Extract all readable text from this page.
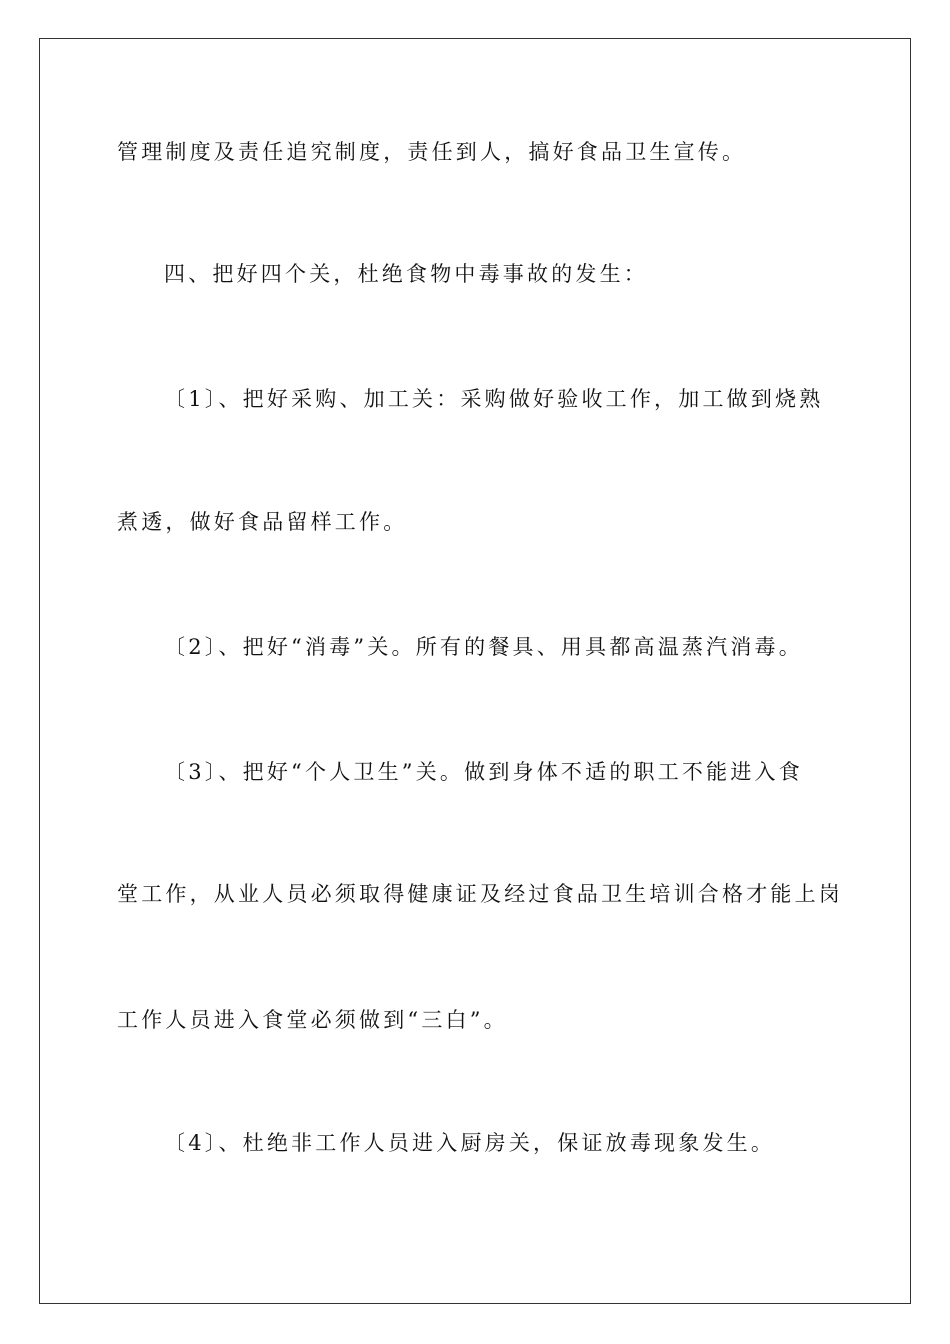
管理制度及责任追究制度，责任到人，搞好食品卫生宣传。
四、把好四个关，杜绝食物中毒事故的发生：
〔1〕、把好采购、加工关：采购做好验收工作，加工做到烧熟
煮透，做好食品留样工作。
〔2〕、把好“消毒”关。所有的餐具、用具都高温蒸汽消毒。
〔3〕、把好“个人卫生”关。做到身体不适的职工不能进入食
堂工作，从业人员必须取得健康证及经过食品卫生培训合格才能上岗
工作人员进入食堂必须做到“三白”。
〔4〕、杜绝非工作人员进入厨房关，保证放毒现象发生。
